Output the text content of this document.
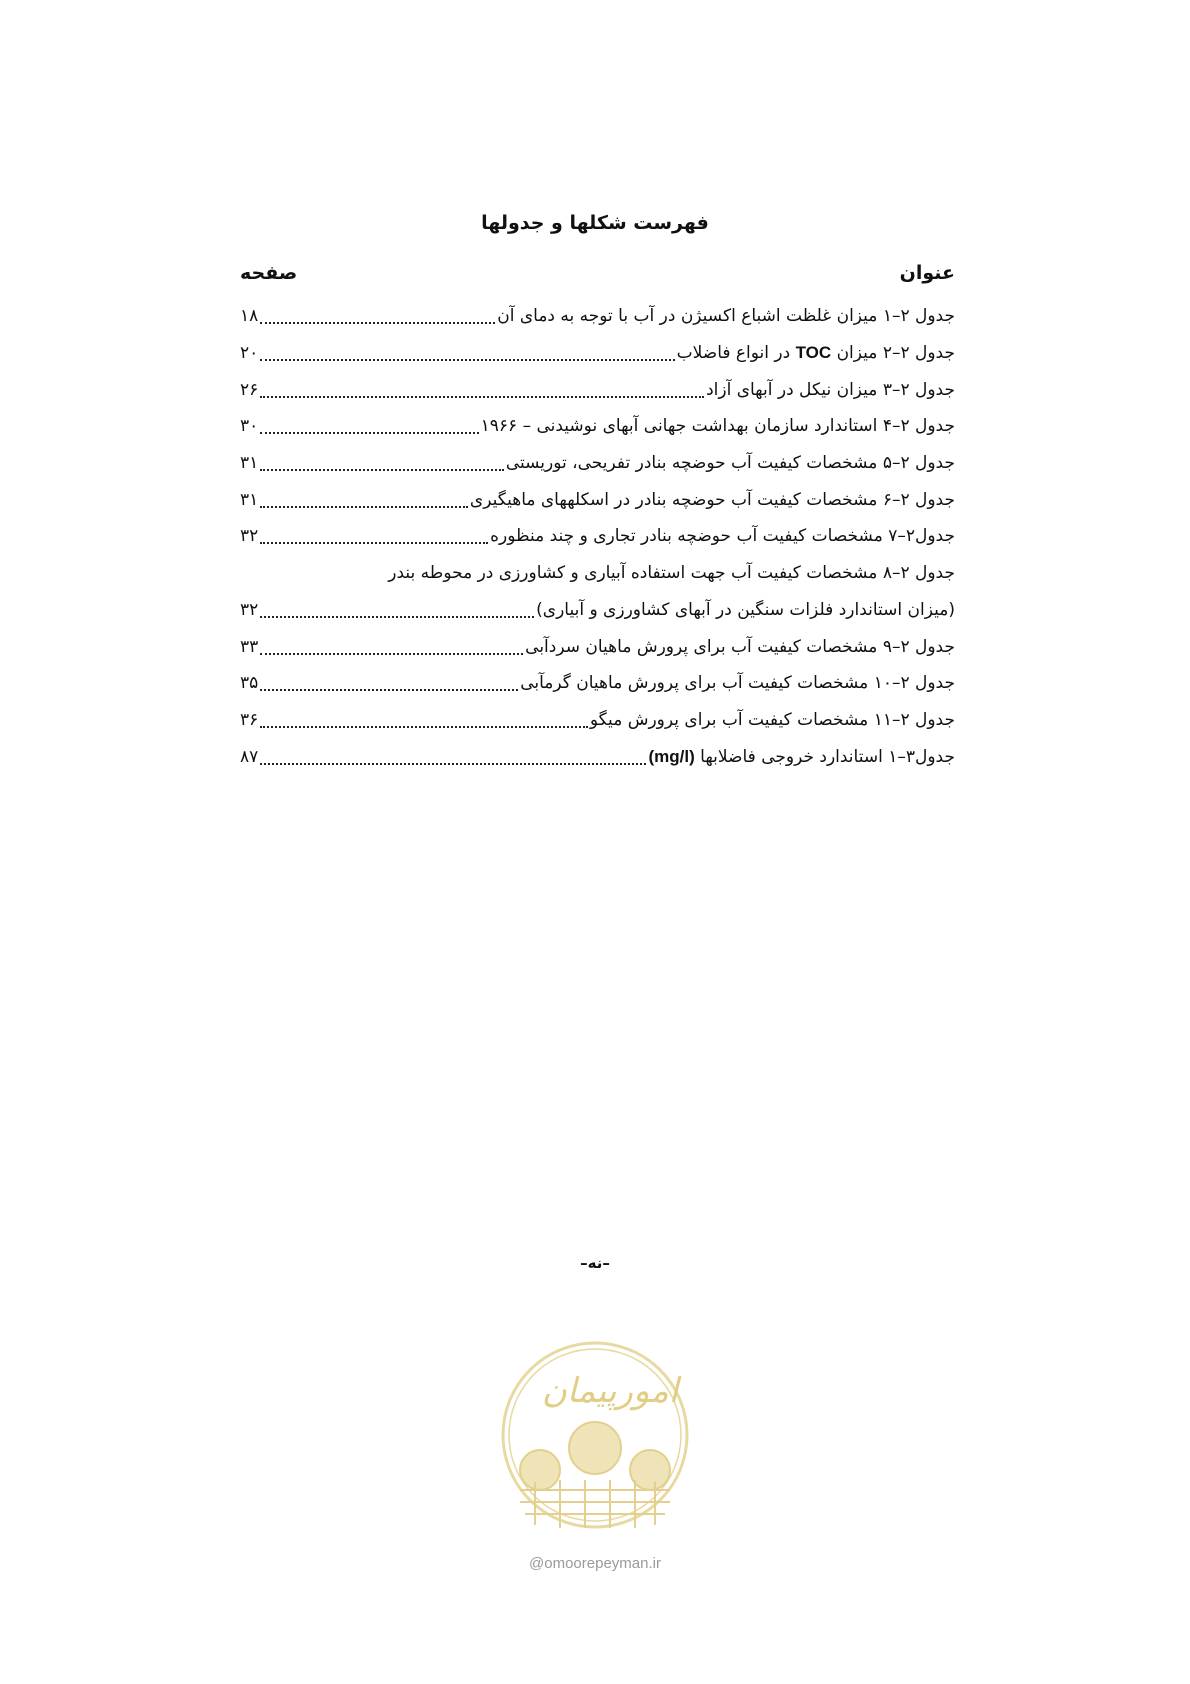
فهرست شکلها و جدولها
عنوان
صفحه
جدول ۲–۱ میزان غلظت اشباع اکسیژن در آب با توجه به دمای آن
۱۸
جدول ۲–۲ میزان TOC در انواع فاضلاب
۲۰
جدول ۲–۳ میزان نیکل در آبهای آزاد
۲۶
جدول ۲–۴ استاندارد سازمان بهداشت جهانی آبهای نوشیدنی – ۱۹۶۶
۳۰
جدول ۲–۵ مشخصات کیفیت آب حوضچه بنادر تفریحی، توریستی
۳۱
جدول ۲–۶ مشخصات کیفیت آب حوضچه بنادر در اسکلههای ماهیگیری
۳۱
جدول۲–۷ مشخصات کیفیت آب حوضچه بنادر تجاری و چند منظوره
۳۲
جدول ۲–۸ مشخصات کیفیت آب جهت استفاده آبیاری و کشاورزی در محوطه بندر
(میزان استاندارد فلزات سنگین در آبهای کشاورزی و آبیاری)
۳۲
جدول ۲–۹ مشخصات کیفیت آب برای پرورش ماهیان سردآبی
۳۳
جدول ۲–۱۰ مشخصات کیفیت آب برای پرورش ماهیان گرمآبی
۳۵
جدول ۲–۱۱ مشخصات کیفیت آب برای پرورش میگو
۳۶
جدول۳–۱ استاندارد خروجی فاضلابها (mg/l)
۸۷
–نه–
امورپیمان
@omoorepeyman.ir
